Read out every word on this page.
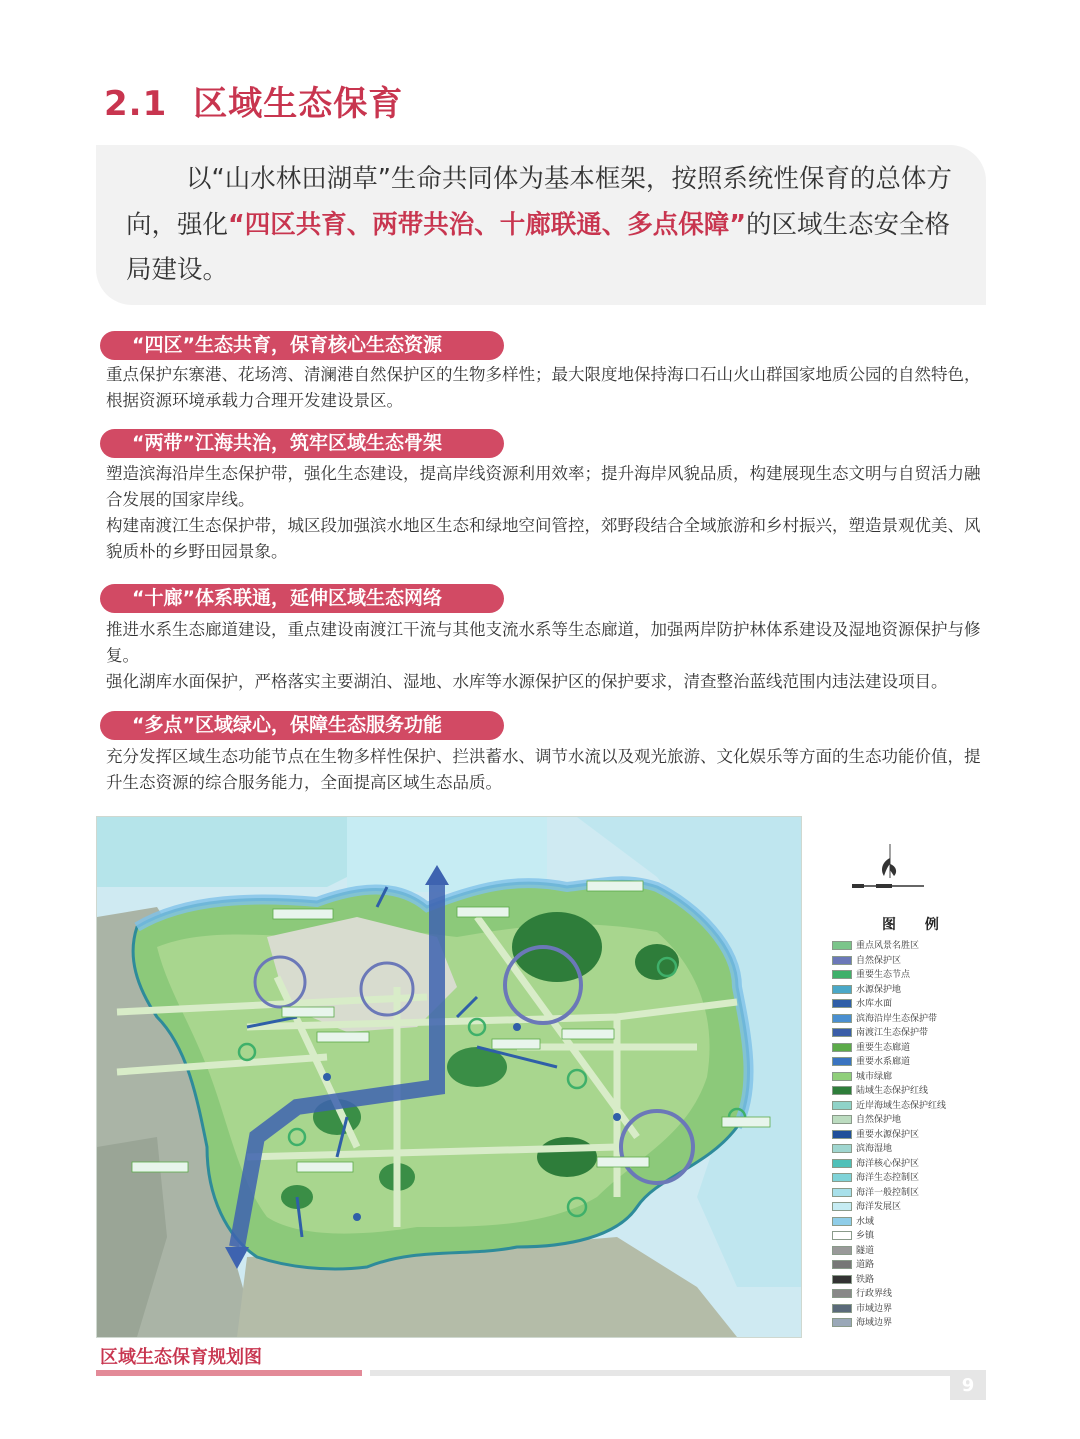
2.1 区域生态保育

以“山水林田湖草”生命共同体为基本框架，按照系统性保育的总体方向，强化“四区共育、两带共治、十廊联通、多点保障”的区域生态安全格局建设。

“四区”生态共育，保育核心生态资源

重点保护东寨港、花场湾、清澜港自然保护区的生物多样性；最大限度地保持海口石山火山群国家地质公园的自然特色，根据资源环境承载力合理开发建设景区。

“两带”江海共治，筑牢区域生态骨架

塑造滨海沿岸生态保护带，强化生态建设，提高岸线资源利用效率；提升海岸风貌品质，构建展现生态文明与自贸活力融合发展的国家岸线。

构建南渡江生态保护带，城区段加强滨水地区生态和绿地空间管控，郊野段结合全域旅游和乡村振兴，塑造景观优美、风貌质朴的乡野田园景象。

“十廊”体系联通，延伸区域生态网络

推进水系生态廊道建设，重点建设南渡江干流与其他支流水系等生态廊道，加强两岸防护林体系建设及湿地资源保护与修复。

强化湖库水面保护，严格落实主要湖泊、湿地、水库等水源保护区的保护要求，清查整治蓝线范围内违法建设项目。

“多点”区域绿心，保障生态服务功能

充分发挥区域生态功能节点在生物多样性保护、拦洪蓄水、调节水流以及观光旅游、文化娱乐等方面的生态功能价值，提升生态资源的综合服务能力，全面提高区域生态品质。

图 例
重点风景名胜区
自然保护区
重要生态节点
水源保护地
水库水面
滨海沿岸生态保护带
南渡江生态保护带
重要生态廊道
重要水系廊道
城市绿廊
陆域生态保护红线
近岸海域生态保护红线
自然保护地
重要水源保护区
滨海湿地
海洋核心保护区
海洋生态控制区
海洋一般控制区
海洋发展区
水域
乡镇
隧道
道路
铁路
行政界线
市域边界
海域边界
区域生态保育规划图
9
